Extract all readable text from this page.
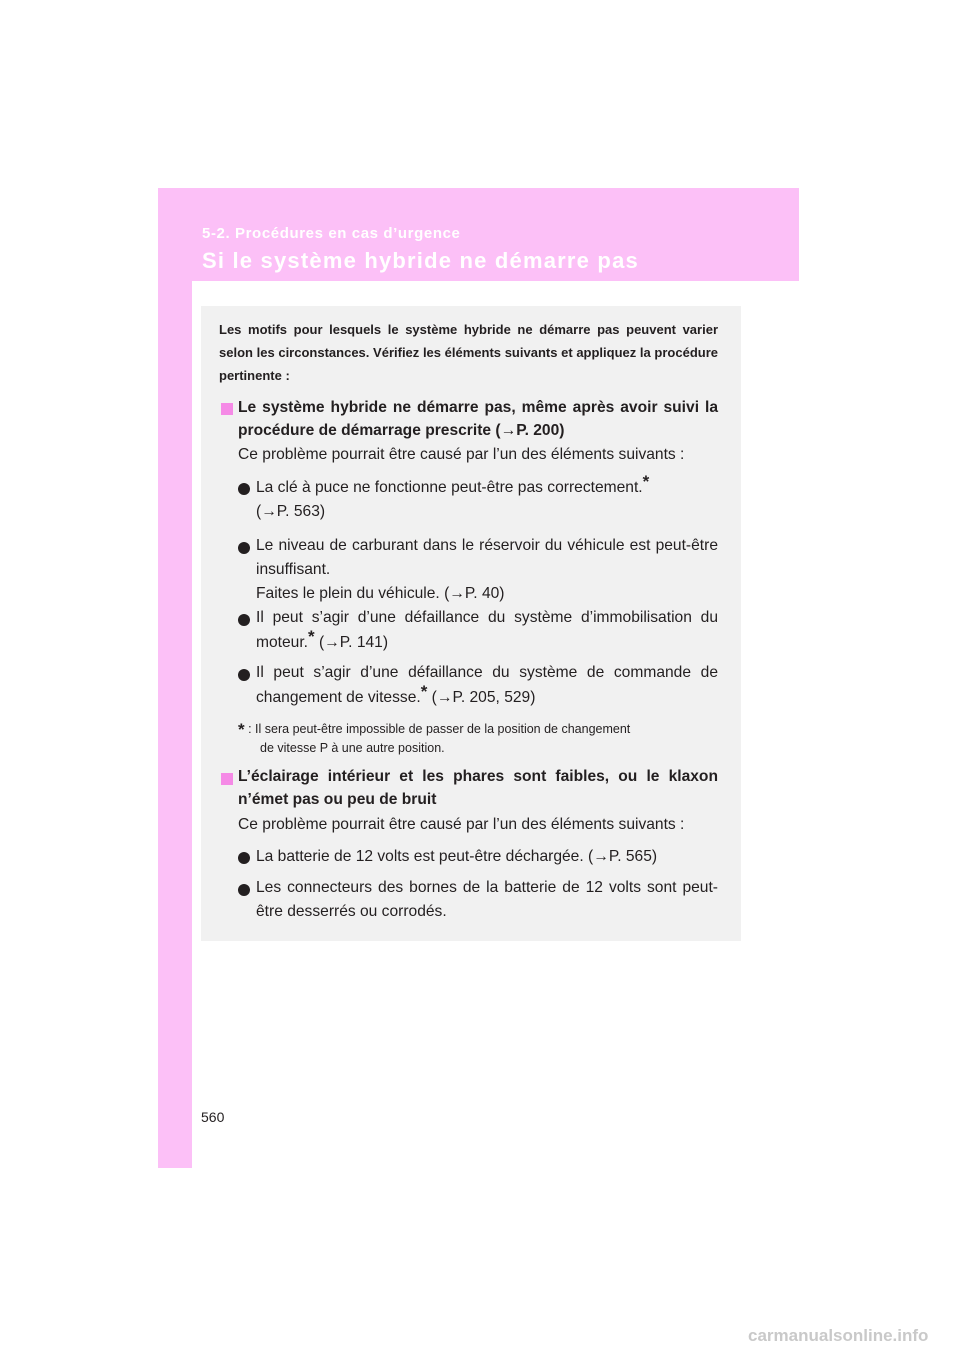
5-2. Procédures en cas d’urgence
Si le système hybride ne démarre pas
Les motifs pour lesquels le système hybride ne démarre pas peuvent varier selon les circonstances. Vérifiez les éléments suivants et appliquez la procédure pertinente :
Le système hybride ne démarre pas, même après avoir suivi la procédure de démarrage prescrite (→P. 200)
Ce problème pourrait être causé par l’un des éléments suivants :
La clé à puce ne fonctionne peut-être pas correctement.*
(→P. 563)
Le niveau de carburant dans le réservoir du véhicule est peut-être insuffisant.
Faites le plein du véhicule. (→P. 40)
Il peut s’agir d’une défaillance du système d’immobilisation du moteur.* (→P. 141)
Il peut s’agir d’une défaillance du système de commande de changement de vitesse.* (→P. 205, 529)
* : Il sera peut-être impossible de passer de la position de changement
de vitesse P à une autre position.
L’éclairage intérieur et les phares sont faibles, ou le klaxon n’émet pas ou peu de bruit
Ce problème pourrait être causé par l’un des éléments suivants :
La batterie de 12 volts est peut-être déchargée. (→P. 565)
Les connecteurs des bornes de la batterie de 12 volts sont peut-être desserrés ou corrodés.
560
carmanualsonline.info
